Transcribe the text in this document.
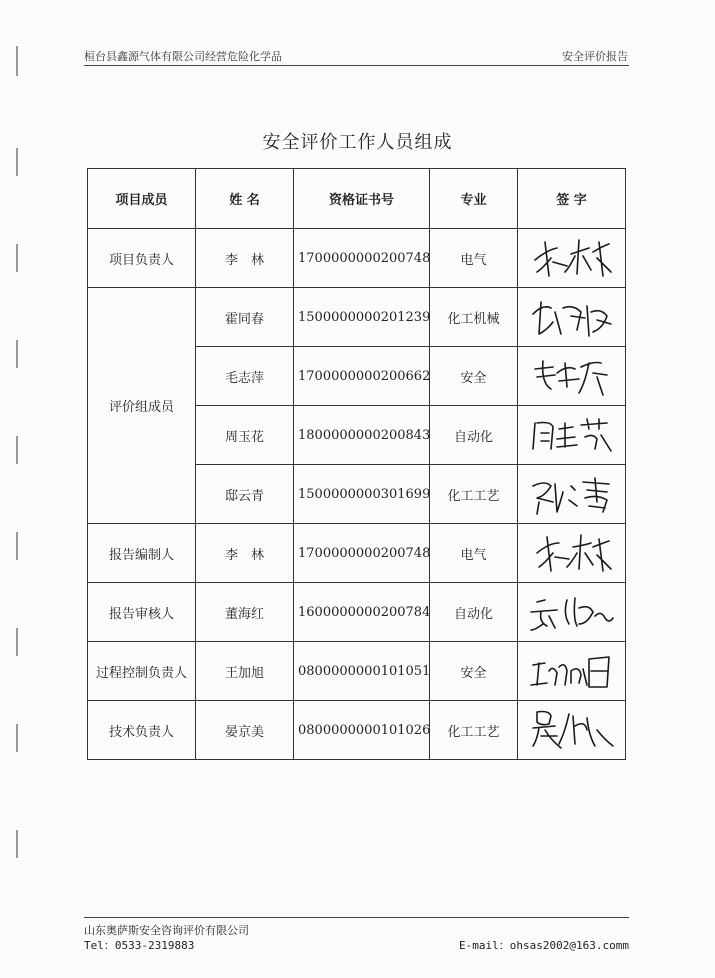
桓台县鑫源气体有限公司经营危险化学品	安全评价报告
安全评价工作人员组成
项目成员	姓 名	资格证书号	专业	签 字
项目负责人	李　林	1700000000200748	电气	

评价组成员	霍同春	1500000000201239	化工机械	

	毛志萍	1700000000200662	安全	

	周玉花	1800000000200843	自动化	

	邸云青	1500000000301699	化工工艺	

报告编制人	李　林	1700000000200748	电气	

报告审核人	董海红	1600000000200784	自动化	

过程控制负责人	王加旭	0800000000101051	安全	

技术负责人	晏京美	0800000000101026	化工工艺	
山东奥萨斯安全咨询评价有限公司
Tel：0533-2319883	E-mail：ohsas2002@163.comm
